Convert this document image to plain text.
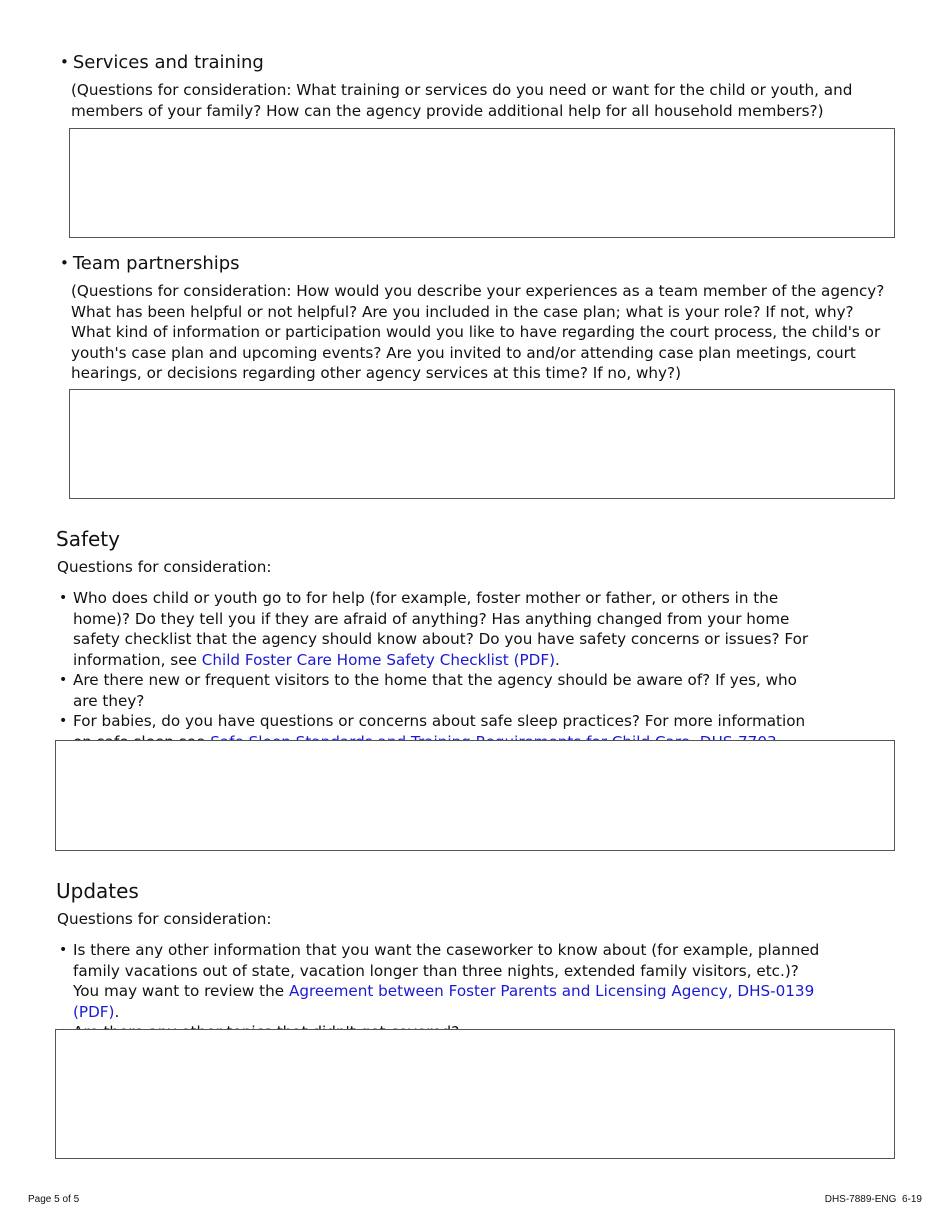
• Services and training
(Questions for consideration: What training or services do you need or want for the child or youth, and members of your family? How can the agency provide additional help for all household members?)
• Team partnerships
(Questions for consideration: How would you describe your experiences as a team member of the agency? What has been helpful or not helpful? Are you included in the case plan; what is your role? If not, why? What kind of information or participation would you like to have regarding the court process, the child's or youth's case plan and upcoming events? Are you invited to and/or attending case plan meetings, court hearings, or decisions regarding other agency services at this time? If no, why?)
Safety
Questions for consideration:
• Who does child or youth go to for help (for example, foster mother or father, or others in the home)? Do they tell you if they are afraid of anything? Has anything changed from your home safety checklist that the agency should know about? Do you have safety concerns or issues? For information, see Child Foster Care Home Safety Checklist (PDF).
• Are there new or frequent visitors to the home that the agency should be aware of? If yes, who are they?
• For babies, do you have questions or concerns about safe sleep practices? For more information
Updates
Questions for consideration:
• Is there any other information that you want the caseworker to know about (for example, planned family vacations out of state, vacation longer than three nights, extended family visitors, etc.)? You may want to review the Agreement between Foster Parents and Licensing Agency, DHS-0139 (PDF).
•
Page 5 of 5	DHS-7889-ENG  6-19
